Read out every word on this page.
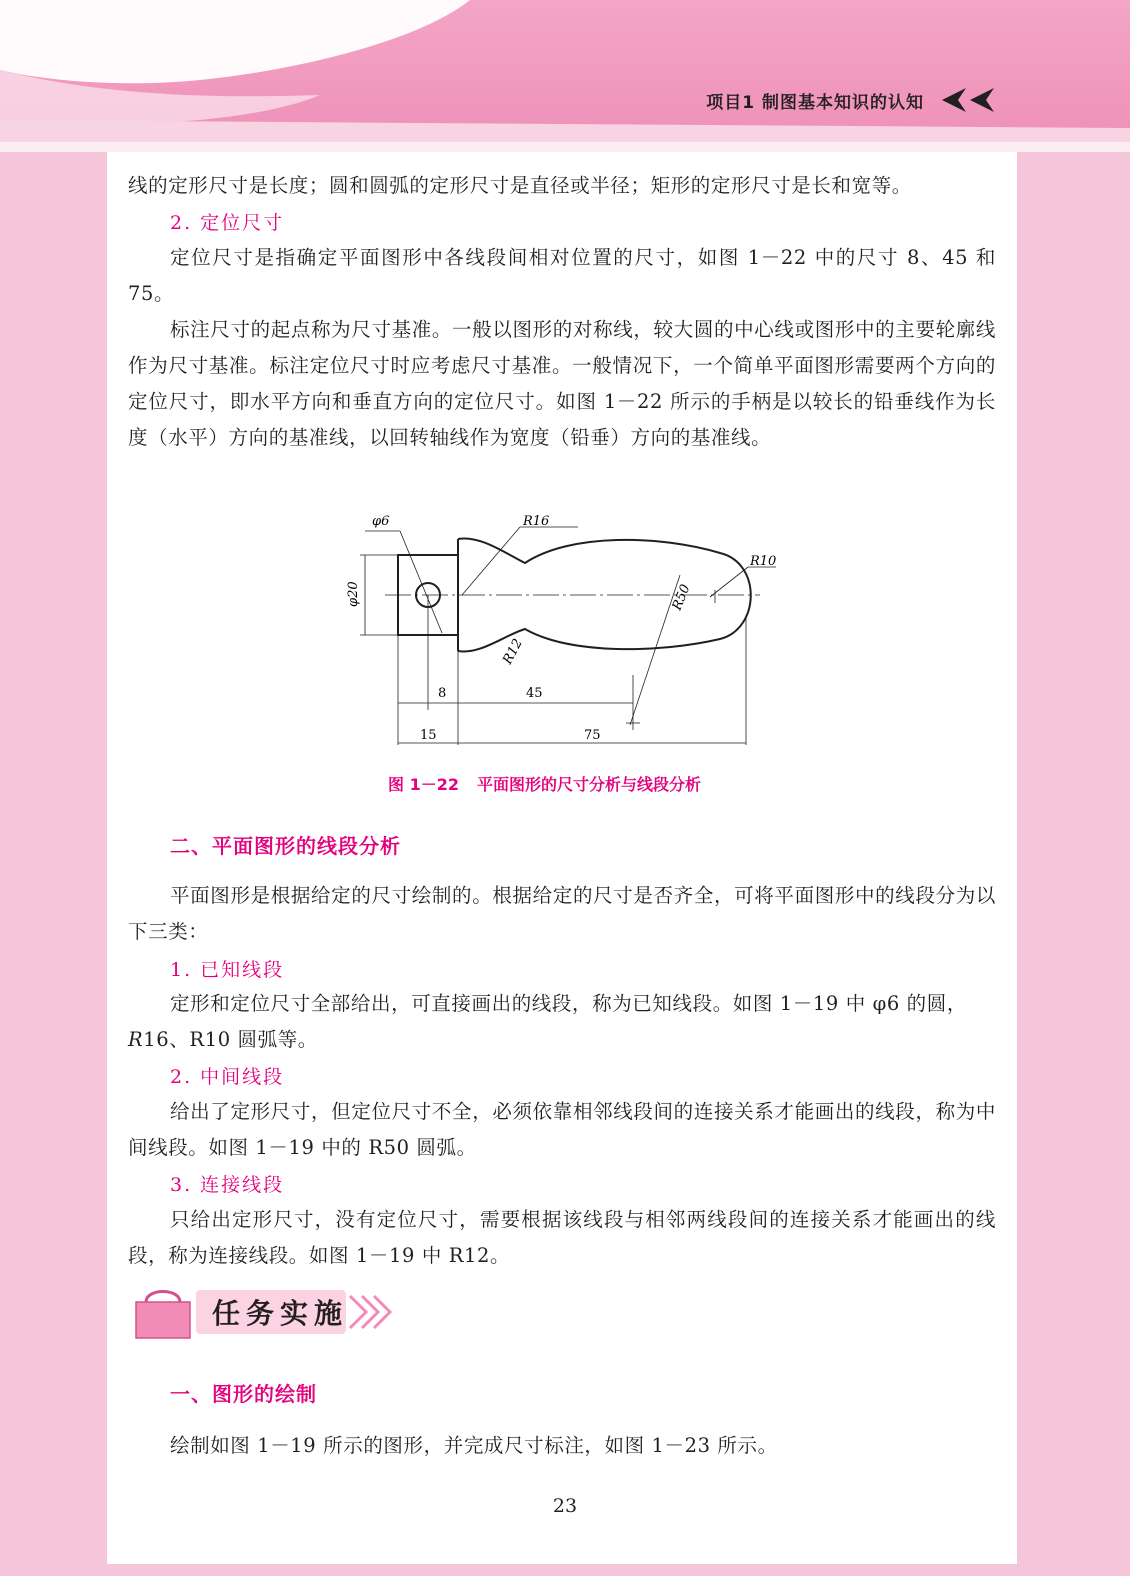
项目1 制图基本知识的认知
线的定形尺寸是长度；圆和圆弧的定形尺寸是直径或半径；矩形的定形尺寸是长和宽等。
2. 定位尺寸
定位尺寸是指确定平面图形中各线段间相对位置的尺寸，如图 1－22 中的尺寸 8、45 和 75。
标注尺寸的起点称为尺寸基准。一般以图形的对称线，较大圆的中心线或图形中的主要轮廓线作为尺寸基准。标注定位尺寸时应考虑尺寸基准。一般情况下，一个简单平面图形需要两个方向的定位尺寸，即水平方向和垂直方向的定位尺寸。如图 1－22 所示的手柄是以较长的铅垂线作为长度（水平）方向的基准线，以回转轴线作为宽度（铅垂）方向的基准线。
φ6	R16
R10
φ20	R50
R12
8	45
15	75
图 1－22 平面图形的尺寸分析与线段分析
二、平面图形的线段分析
平面图形是根据给定的尺寸绘制的。根据给定的尺寸是否齐全，可将平面图形中的线段分为以下三类：
1. 已知线段
定形和定位尺寸全部给出，可直接画出的线段，称为已知线段。如图 1－19 中 φ6 的圆，
R16、R10 圆弧等。
2. 中间线段
给出了定形尺寸，但定位尺寸不全，必须依靠相邻线段间的连接关系才能画出的线段，称为中间线段。如图 1－19 中的 R50 圆弧。
3. 连接线段
只给出定形尺寸，没有定位尺寸，需要根据该线段与相邻两线段间的连接关系才能画出的线段，称为连接线段。如图 1－19 中 R12。
任务实施
一、图形的绘制
绘制如图 1－19 所示的图形，并完成尺寸标注，如图 1－23 所示。
23
